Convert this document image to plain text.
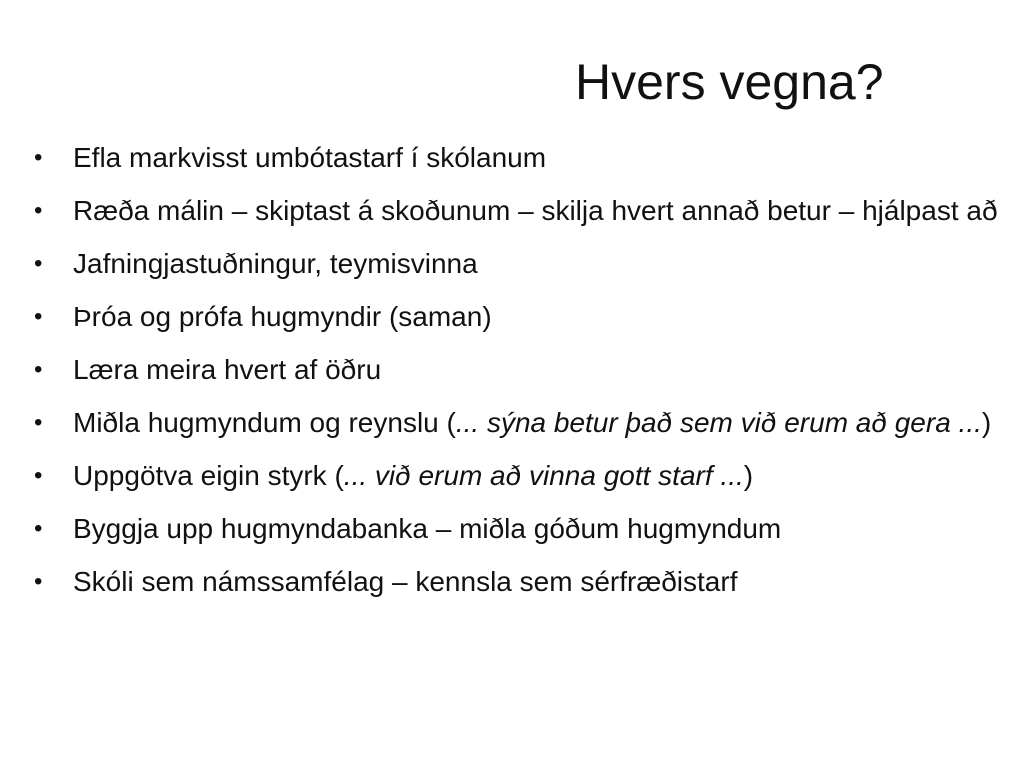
Hvers vegna?
•	Efla markvisst umbótastarf í skólanum
•	Ræða málin – skiptast á skoðunum – skilja hvert annað betur – hjálpast að
•	Jafningjastuðningur, teymisvinna
•	Þróa og prófa hugmyndir (saman)
•	Læra meira hvert af öðru
•	Miðla hugmyndum og reynslu (... sýna betur það sem við erum að gera ...)
•	Uppgötva eigin styrk (... við erum að vinna gott starf ...)
•	Byggja upp hugmyndabanka – miðla góðum hugmyndum
•	Skóli sem námssamfélag – kennsla sem sérfræðistarf
